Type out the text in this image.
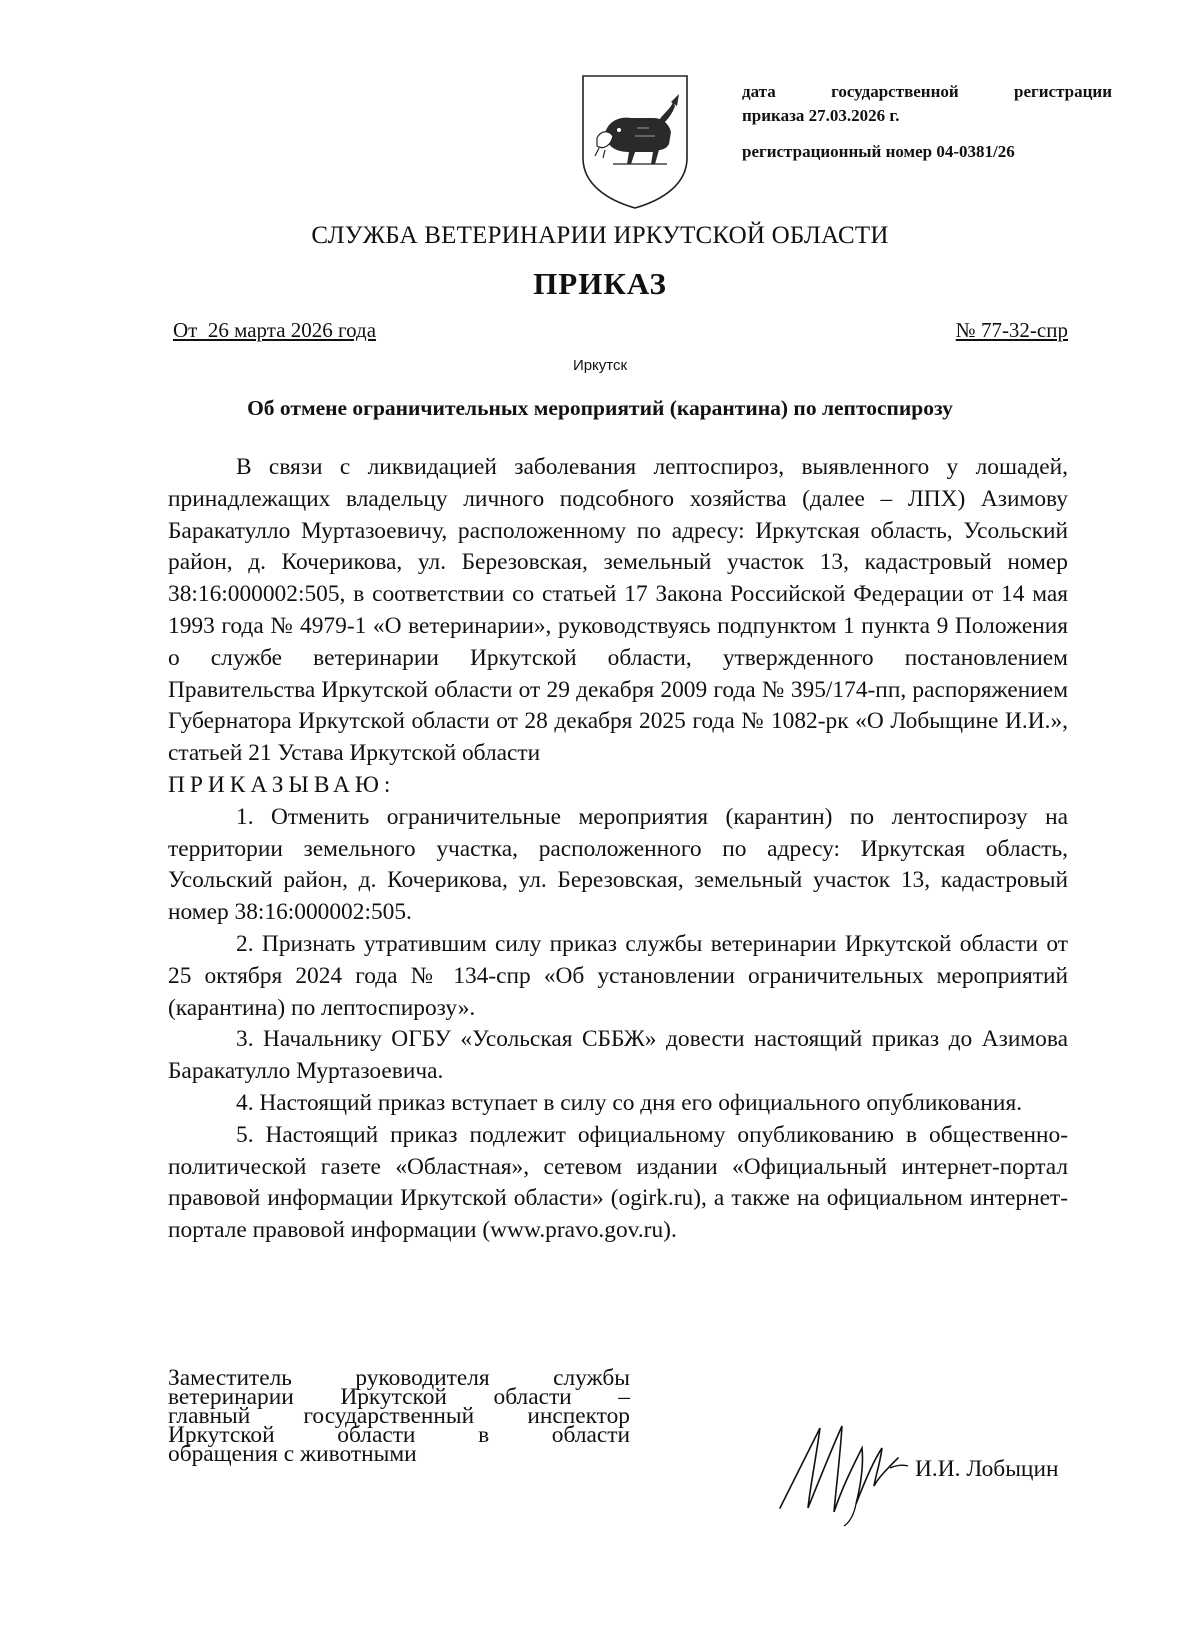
дата государственной регистрации
приказа 27.03.2026 г.
регистрационный номер 04-0381/26
СЛУЖБА ВЕТЕРИНАРИИ ИРКУТСКОЙ ОБЛАСТИ
ПРИКАЗ
От  26 марта 2026 года	№ 77-32-спр
Иркутск
Об отмене ограничительных мероприятий (карантина) по лептоспирозу

В связи с ликвидацией заболевания лептоспироз, выявленного у лошадей, принадлежащих владельцу личного подсобного хозяйства (далее – ЛПХ) Азимову Баракатулло Муртазоевичу, расположенному по адресу: Иркутская область, Усольский район, д. Кочерикова, ул. Березовская, земельный участок 13, кадастровый номер 38:16:000002:505, в соответствии со статьей 17 Закона Российской Федерации от 14 мая 1993 года № 4979-1 «О ветеринарии», руководствуясь подпунктом 1 пункта 9 Положения о службе ветеринарии Иркутской области, утвержденного постановлением Правительства Иркутской области от 29 декабря 2009 года № 395/174-пп, распоряжением Губернатора Иркутской области от 28 декабря 2025 года № 1082-рк «О Лобыщине И.И.», статьей 21 Устава Иркутской области

ПРИКАЗЫВАЮ:

1. Отменить ограничительные мероприятия (карантин) по лентоспирозу на территории земельного участка, расположенного по адресу: Иркутская область, Усольский район, д. Кочерикова, ул. Березовская, земельный участок 13, кадастровый номер 38:16:000002:505.

2. Признать утратившим силу приказ службы ветеринарии Иркутской области от 25 октября 2024 года № 134-спр «Об установлении ограничительных мероприятий (карантина) по лептоспирозу».

3. Начальнику ОГБУ «Усольская СББЖ» довести настоящий приказ до Азимова Баракатулло Муртазоевича.

4. Настоящий приказ вступает в силу со дня его официального опубликования.

5. Настоящий приказ подлежит официальному опубликованию в общественно-политической газете «Областная», сетевом издании «Официальный интернет-портал правовой информации Иркутской области» (ogirk.ru), а также на официальном интернет-портале правовой информации (www.pravo.gov.ru).

Заместитель руководителя службы

ветеринарии Иркутской области –

главный государственный инспектор

Иркутской области в области

обращения с животными

И.И. Лобыцин
